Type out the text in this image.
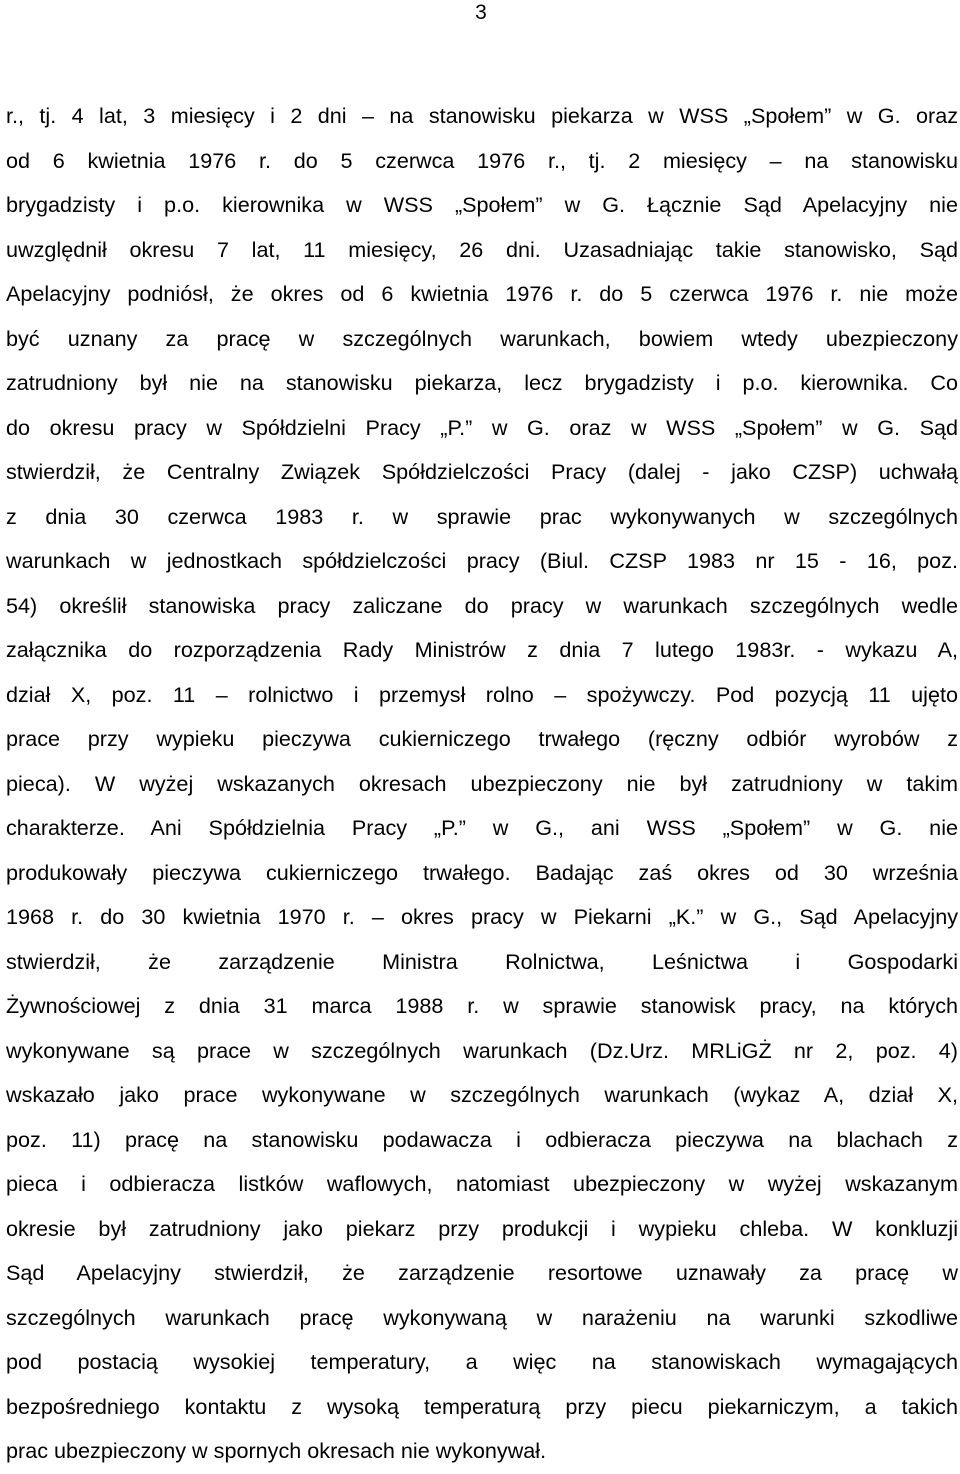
3
r., tj. 4 lat, 3 miesięcy i 2 dni – na stanowisku piekarza w WSS „Społem” w G. oraz
od 6 kwietnia 1976 r. do 5 czerwca 1976 r., tj. 2 miesięcy – na stanowisku
brygadzisty i p.o. kierownika w WSS „Społem” w G. Łącznie Sąd Apelacyjny nie
uwzględnił okresu 7 lat, 11 miesięcy, 26 dni. Uzasadniając takie stanowisko, Sąd
Apelacyjny podniósł, że okres od 6 kwietnia 1976 r. do 5 czerwca 1976 r. nie może
być uznany za pracę w szczególnych warunkach, bowiem wtedy ubezpieczony
zatrudniony był nie na stanowisku piekarza, lecz brygadzisty i p.o. kierownika. Co
do okresu pracy w Spółdzielni Pracy „P.” w G. oraz w WSS „Społem” w G. Sąd
stwierdził, że Centralny Związek Spółdzielczości Pracy (dalej - jako CZSP) uchwałą
z dnia 30 czerwca 1983 r. w sprawie prac wykonywanych w szczególnych
warunkach w jednostkach spółdzielczości pracy (Biul. CZSP 1983 nr 15 - 16, poz.
54) określił stanowiska pracy zaliczane do pracy w warunkach szczególnych wedle
załącznika do rozporządzenia Rady Ministrów z dnia 7 lutego 1983r. - wykazu A,
dział X, poz. 11 – rolnictwo i przemysł rolno – spożywczy. Pod pozycją 11 ujęto
prace przy wypieku pieczywa cukierniczego trwałego (ręczny odbiór wyrobów z
pieca). W wyżej wskazanych okresach ubezpieczony nie był zatrudniony w takim
charakterze. Ani Spółdzielnia Pracy „P.” w G., ani WSS „Społem” w G. nie
produkowały pieczywa cukierniczego trwałego. Badając zaś okres od 30 września
1968 r. do 30 kwietnia 1970 r. – okres pracy w Piekarni „K.” w G., Sąd Apelacyjny
stwierdził, że zarządzenie Ministra Rolnictwa, Leśnictwa i Gospodarki
Żywnościowej z dnia 31 marca 1988 r. w sprawie stanowisk pracy, na których
wykonywane są prace w szczególnych warunkach (Dz.Urz. MRLiGŻ nr 2, poz. 4)
wskazało jako prace wykonywane w szczególnych warunkach (wykaz A, dział X,
poz. 11) pracę na stanowisku podawacza i odbieracza pieczywa na blachach z
pieca i odbieracza listków waflowych, natomiast ubezpieczony w wyżej wskazanym
okresie był zatrudniony jako piekarz przy produkcji i wypieku chleba. W konkluzji
Sąd Apelacyjny stwierdził, że zarządzenie resortowe uznawały za pracę w
szczególnych warunkach pracę wykonywaną w narażeniu na warunki szkodliwe
pod postacią wysokiej temperatury, a więc na stanowiskach wymagających
bezpośredniego kontaktu z wysoką temperaturą przy piecu piekarniczym, a takich
prac ubezpieczony w spornych okresach nie wykonywał.
